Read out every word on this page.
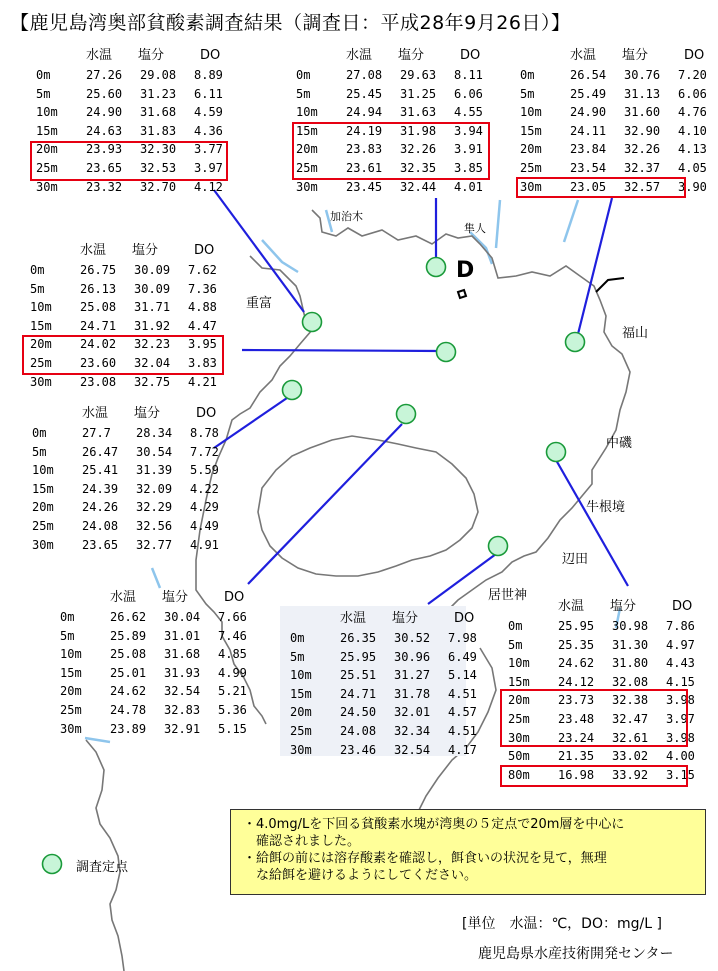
【鹿児島湾奥部貧酸素調査結果（調査日：平成28年9月26日）】
水温 塩分	DO
0m	27.26 29.08 8.89
5m	25.60 31.23 6.11
10m 24.90 31.68 4.59
15m 24.63 31.83 4.36
20m 23.93 32.30 3.77
25m 23.65 32.53 3.97
30m 23.32 32.70 4.12
水温 塩分	DO
0m	27.08 29.63 8.11
5m	25.45 31.25 6.06
10m 24.94 31.63 4.55
15m 24.19 31.98 3.94
20m 23.83 32.26 3.91
25m 23.61 32.35 3.85
30m 23.45 32.44 4.01
水温 塩分	DO
0m	26.54 30.76 7.20
5m	25.49 31.13 6.06
10m 24.90 31.60 4.76
15m 24.11 32.90 4.10
20m 23.84 32.26 4.13
25m 23.54 32.37 4.05
30m 23.05 32.57 3.90
水温 塩分	DO
0m	26.75 30.09 7.62
5m	26.13 30.09 7.36
10m 25.08 31.71 4.88
15m 24.71 31.92 4.47
20m 24.02 32.23 3.95
25m 23.60 32.04 3.83
30m 23.08 32.75 4.21
水温 塩分	DO
0m	27.7 28.34 8.78
5m	26.47 30.54 7.72
10m 25.41 31.39 5.59
15m 24.39 32.09 4.22
20m 24.26 32.29 4.29
25m 24.08 32.56 4.49
30m 23.65 32.77 4.91
水温 塩分	DO
0m	26.62 30.04 7.66
5m	25.89 31.01 7.46
10m 25.08 31.68 4.85
15m 25.01 31.93 4.99
20m 24.62 32.54 5.21
25m 24.78 32.83 5.36
30m 23.89 32.91 5.15
水温 塩分	DO
0m	26.35 30.52 7.98
5m	25.95 30.96 6.49
10m 25.51 31.27 5.14
15m 24.71 31.78 4.51
20m 24.50 32.01 4.57
25m 24.08 32.34 4.51
30m 23.46 32.54 4.17
水温 塩分	DO
0m	25.95 30.98 7.86
5m	25.35 31.30 4.97
10m 24.62 31.80 4.43
15m 24.12 32.08 4.15
20m 23.73 32.38 3.98
25m 23.48 32.47 3.97
30m 23.24 32.61 3.98
50m 21.35 33.02 4.00
80m 16.98 33.92 3.15
加治木
隼人
D
重富
福山
中磯
牛根境
辺田
居世神
・4.0mg/Lを下回る貧酸素水塊が湾奥の５定点で20m層を中心に
　確認されました。
・給餌の前には溶存酸素を確認し，餌食いの状況を見て，無理
　な給餌を避けるようにしてください。
調査定点
[単位　水温：℃，DO：mg/L ]
鹿児島県水産技術開発センター
